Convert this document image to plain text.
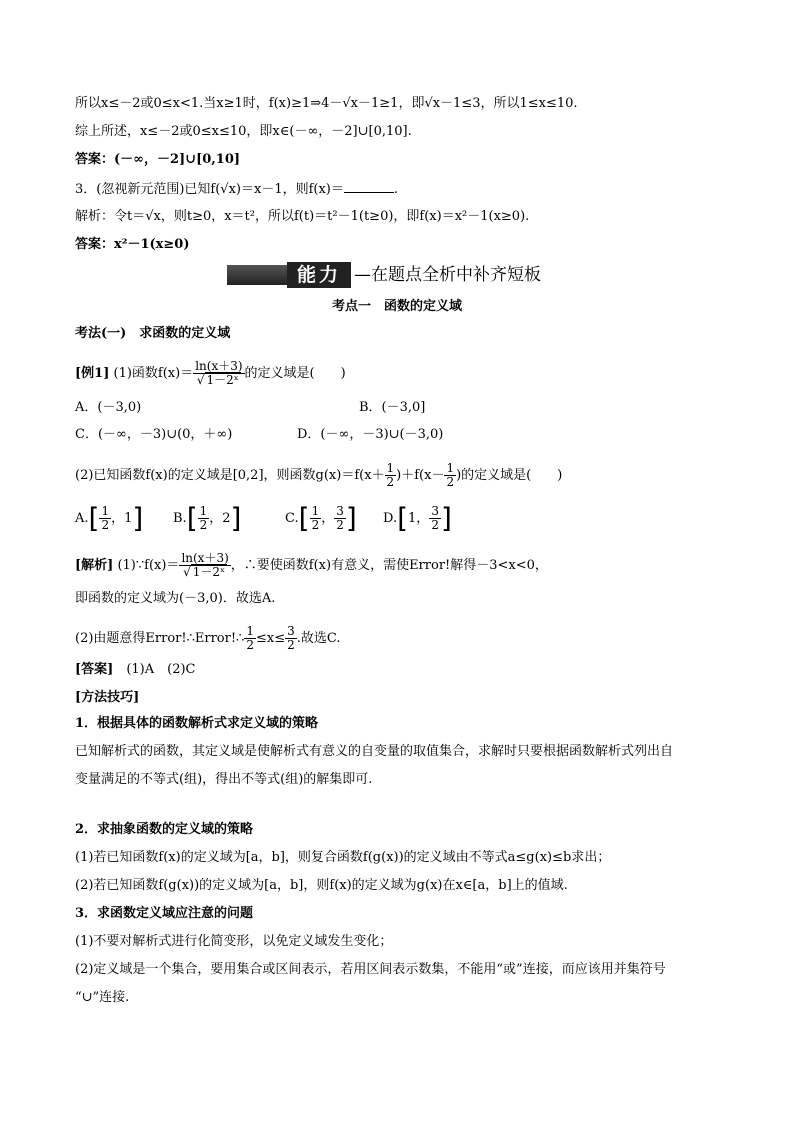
所以x≤－2或0≤x<1.当x≥1时，f(x)≥1⇒4－√x－1≥1，即√x－1≤3，所以1≤x≤10.
综上所述，x≤－2或0≤x≤10，即x∈(－∞，－2]∪[0,10].
答案：(－∞，－2]∪[0,10]
3．(忽视新元范围)已知f(√x)＝x－1，则f(x)＝	.
解析：令t＝√x，则t≥0，x＝t²，所以f(t)＝t²－1(t≥0)，即f(x)＝x²－1(x≥0).
答案：x²－1(x≥0)
能力 —在题点全析中补齐短板
考点一　函数的定义域
考法(一)　求函数的定义域
[例1] (1)函数$f(x)= \frac{\ln(x+3)}{\text{√ 1－2ˣ}}$ 的定义域是(　　)
A．(－3,0)	B．(－3,0]
C．(－∞，－3)∪(0，＋∞)	D．(－∞，－3)∪(－3,0)
(2)已知函数f(x)的定义域是[0,2]，则函数$g(x)=f(x+ \frac{1}{2} )+f(x- \frac{1}{2}$ )的定义域是(　　)
$A.[ \frac{1}{2}$ ，1] $B.[ \frac{1}{2}$ ，2]	$C.[ \frac{1}{2}$ ， $\frac{3}{2}$ ] D.[1， $\frac{3}{2}$ ]
[解析] (1)∵f(x)＝ $\frac{\ln(x+3)}{\text{√ 1－2ˣ}}$ ，∴要使函数f(x)有意义，需使Error!解得－3<x<0，
即函数的定义域为(－3,0)．故选A.
(2)由题意得Error!∴Error!∴ $\frac{1}{2} \le x\le \frac{3}{2}$ .故选C.
[答案]　 (1)A　(2)C
[方法技巧]
1．根据具体的函数解析式求定义域的策略
已知解析式的函数，其定义域是使解析式有意义的自变量的取值集合，求解时只要根据函数解析式列出自
变量满足的不等式(组)，得出不等式(组)的解集即可.
2．求抽象函数的定义域的策略
(1)若已知函数f(x)的定义域为[a，b]，则复合函数f(g(x))的定义域由不等式a≤g(x)≤b求出；
(2)若已知函数f(g(x))的定义域为[a，b]，则f(x)的定义域为g(x)在x∈[a，b]上的值域.
3．求函数定义域应注意的问题
(1)不要对解析式进行化简变形，以免定义域发生变化；
(2)定义域是一个集合，要用集合或区间表示，若用区间表示数集，不能用“或”连接，而应该用并集符号
“∪”连接.
